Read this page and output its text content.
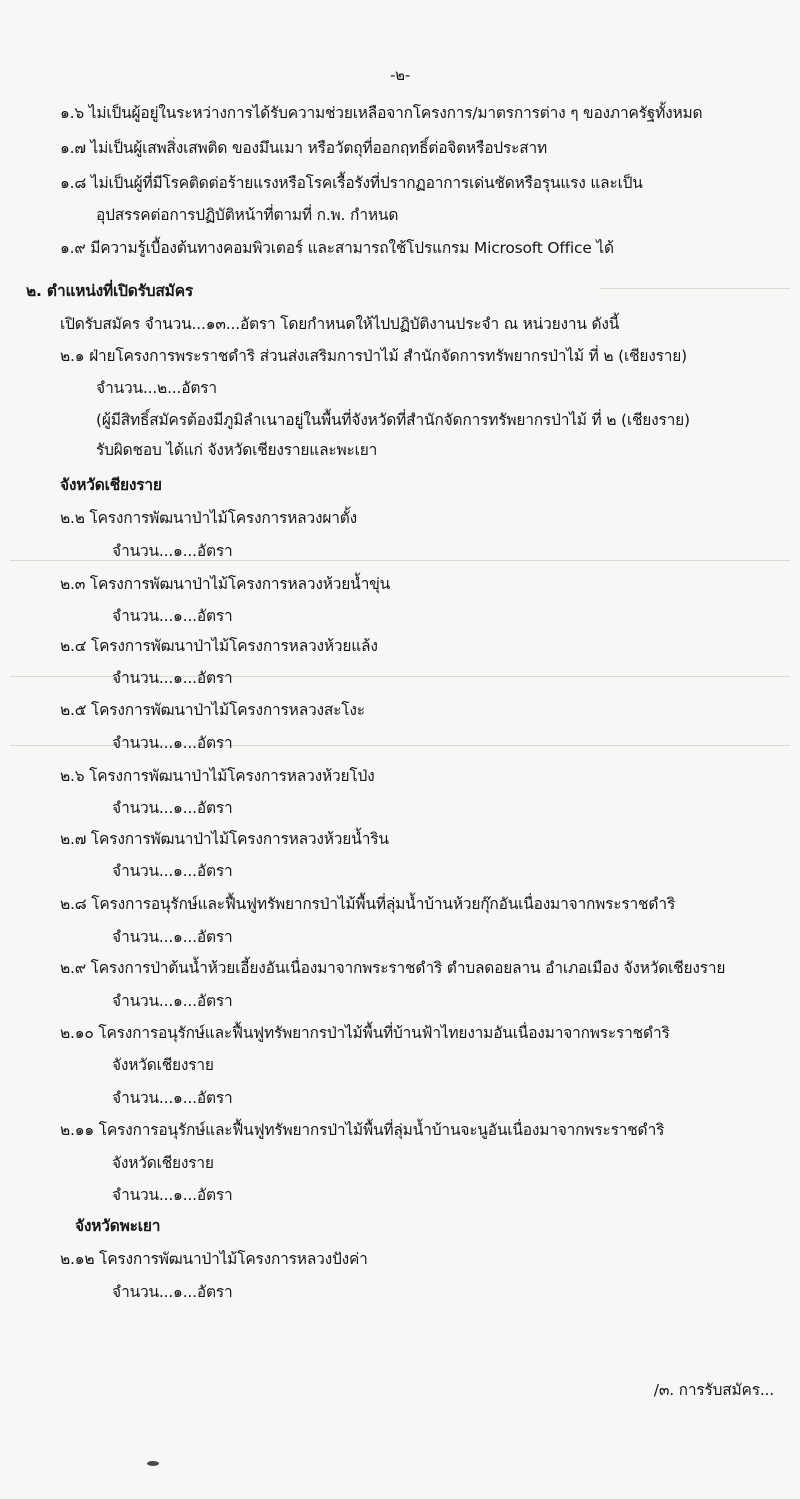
-๒-
๑.๖ ไม่เป็นผู้อยู่ในระหว่างการได้รับความช่วยเหลือจากโครงการ/มาตรการต่าง ๆ ของภาครัฐทั้งหมด
๑.๗ ไม่เป็นผู้เสพสิ่งเสพติด ของมึนเมา หรือวัตถุที่ออกฤทธิ์ต่อจิตหรือประสาท
๑.๘ ไม่เป็นผู้ที่มีโรคติดต่อร้ายแรงหรือโรคเรื้อรังที่ปรากฏอาการเด่นชัดหรือรุนแรง และเป็น
อุปสรรคต่อการปฏิบัติหน้าที่ตามที่ ก.พ. กำหนด
๑.๙ มีความรู้เบื้องต้นทางคอมพิวเตอร์ และสามารถใช้โปรแกรม Microsoft Office ได้
๒. ตำแหน่งที่เปิดรับสมัคร
เปิดรับสมัคร จำนวน...๑๓...อัตรา โดยกำหนดให้ไปปฏิบัติงานประจำ ณ หน่วยงาน ดังนี้
๒.๑ ฝ่ายโครงการพระราชดำริ ส่วนส่งเสริมการป่าไม้ สำนักจัดการทรัพยากรป่าไม้ ที่ ๒ (เชียงราย)
จำนวน...๒...อัตรา
(ผู้มีสิทธิ์สมัครต้องมีภูมิลำเนาอยู่ในพื้นที่จังหวัดที่สำนักจัดการทรัพยากรป่าไม้ ที่ ๒ (เชียงราย)
รับผิดชอบ ได้แก่ จังหวัดเชียงรายและพะเยา
จังหวัดเชียงราย
๒.๒ โครงการพัฒนาป่าไม้โครงการหลวงผาตั้ง
จำนวน...๑...อัตรา
๒.๓ โครงการพัฒนาป่าไม้โครงการหลวงห้วยน้ำขุ่น
จำนวน...๑...อัตรา
๒.๔ โครงการพัฒนาป่าไม้โครงการหลวงห้วยแล้ง
จำนวน...๑...อัตรา
๒.๕ โครงการพัฒนาป่าไม้โครงการหลวงสะโงะ
จำนวน...๑...อัตรา
๒.๖ โครงการพัฒนาป่าไม้โครงการหลวงห้วยโป่ง
จำนวน...๑...อัตรา
๒.๗ โครงการพัฒนาป่าไม้โครงการหลวงห้วยน้ำริน
จำนวน...๑...อัตรา
๒.๘ โครงการอนุรักษ์และฟื้นฟูทรัพยากรป่าไม้พื้นที่ลุ่มน้ำบ้านห้วยกุ๊กอันเนื่องมาจากพระราชดำริ
จำนวน...๑...อัตรา
๒.๙ โครงการป่าต้นน้ำห้วยเอี้ยงอันเนื่องมาจากพระราชดำริ ตำบลดอยลาน อำเภอเมือง จังหวัดเชียงราย
จำนวน...๑...อัตรา
๒.๑๐ โครงการอนุรักษ์และฟื้นฟูทรัพยากรป่าไม้พื้นที่บ้านฟ้าไทยงามอันเนื่องมาจากพระราชดำริ
จังหวัดเชียงราย
จำนวน...๑...อัตรา
๒.๑๑ โครงการอนุรักษ์และฟื้นฟูทรัพยากรป่าไม้พื้นที่ลุ่มน้ำบ้านจะนูอันเนื่องมาจากพระราชดำริ
จังหวัดเชียงราย
จำนวน...๑...อัตรา
จังหวัดพะเยา
๒.๑๒ โครงการพัฒนาป่าไม้โครงการหลวงปังค่า
จำนวน...๑...อัตรา
/๓. การรับสมัคร...
